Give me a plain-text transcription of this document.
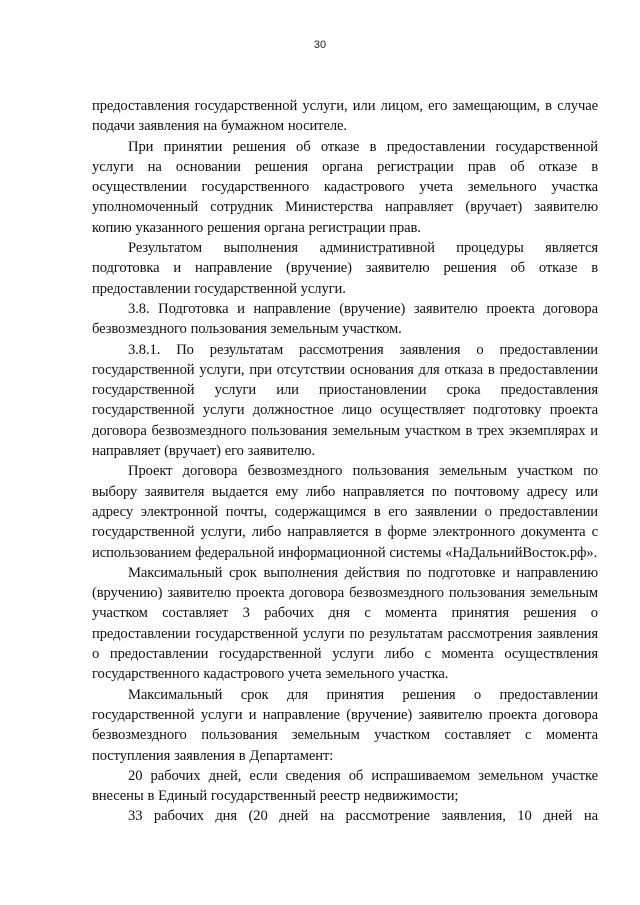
30

предоставления государственной услуги, или лицом, его замещающим, в случае подачи заявления на бумажном носителе.

При принятии решения об отказе в предоставлении государственной услуги на основании решения органа регистрации прав об отказе в осуществлении государственного кадастрового учета земельного участка уполномоченный сотрудник Министерства направляет (вручает) заявителю копию указанного решения органа регистрации прав.

Результатом выполнения административной процедуры является подготовка и направление (вручение) заявителю решения об отказе в предоставлении государственной услуги.

3.8. Подготовка и направление (вручение) заявителю проекта договора безвозмездного пользования земельным участком.

3.8.1. По результатам рассмотрения заявления о предоставлении государственной услуги, при отсутствии основания для отказа в предоставлении государственной услуги или приостановлении срока предоставления государственной услуги должностное лицо осуществляет подготовку проекта договора безвозмездного пользования земельным участком в трех экземплярах и направляет (вручает) его заявителю.

Проект договора безвозмездного пользования земельным участком по выбору заявителя выдается ему либо направляется по почтовому адресу или адресу электронной почты, содержащимся в его заявлении о предоставлении государственной услуги, либо направляется в форме электронного документа с использованием федеральной информационной системы «НаДальнийВосток.рф».

Максимальный срок выполнения действия по подготовке и направлению (вручению) заявителю проекта договора безвозмездного пользования земельным участком составляет 3 рабочих дня с момента принятия решения о предоставлении государственной услуги по результатам рассмотрения заявления о предоставлении государственной услуги либо с момента осуществления государственного кадастрового учета земельного участка.

Максимальный срок для принятия решения о предоставлении государственной услуги и направление (вручение) заявителю проекта договора безвозмездного пользования земельным участком составляет с момента поступления заявления в Департамент:

20 рабочих дней, если сведения об испрашиваемом земельном участке внесены в Единый государственный реестр недвижимости;

33 рабочих дня (20 дней на рассмотрение заявления, 10 дней на
